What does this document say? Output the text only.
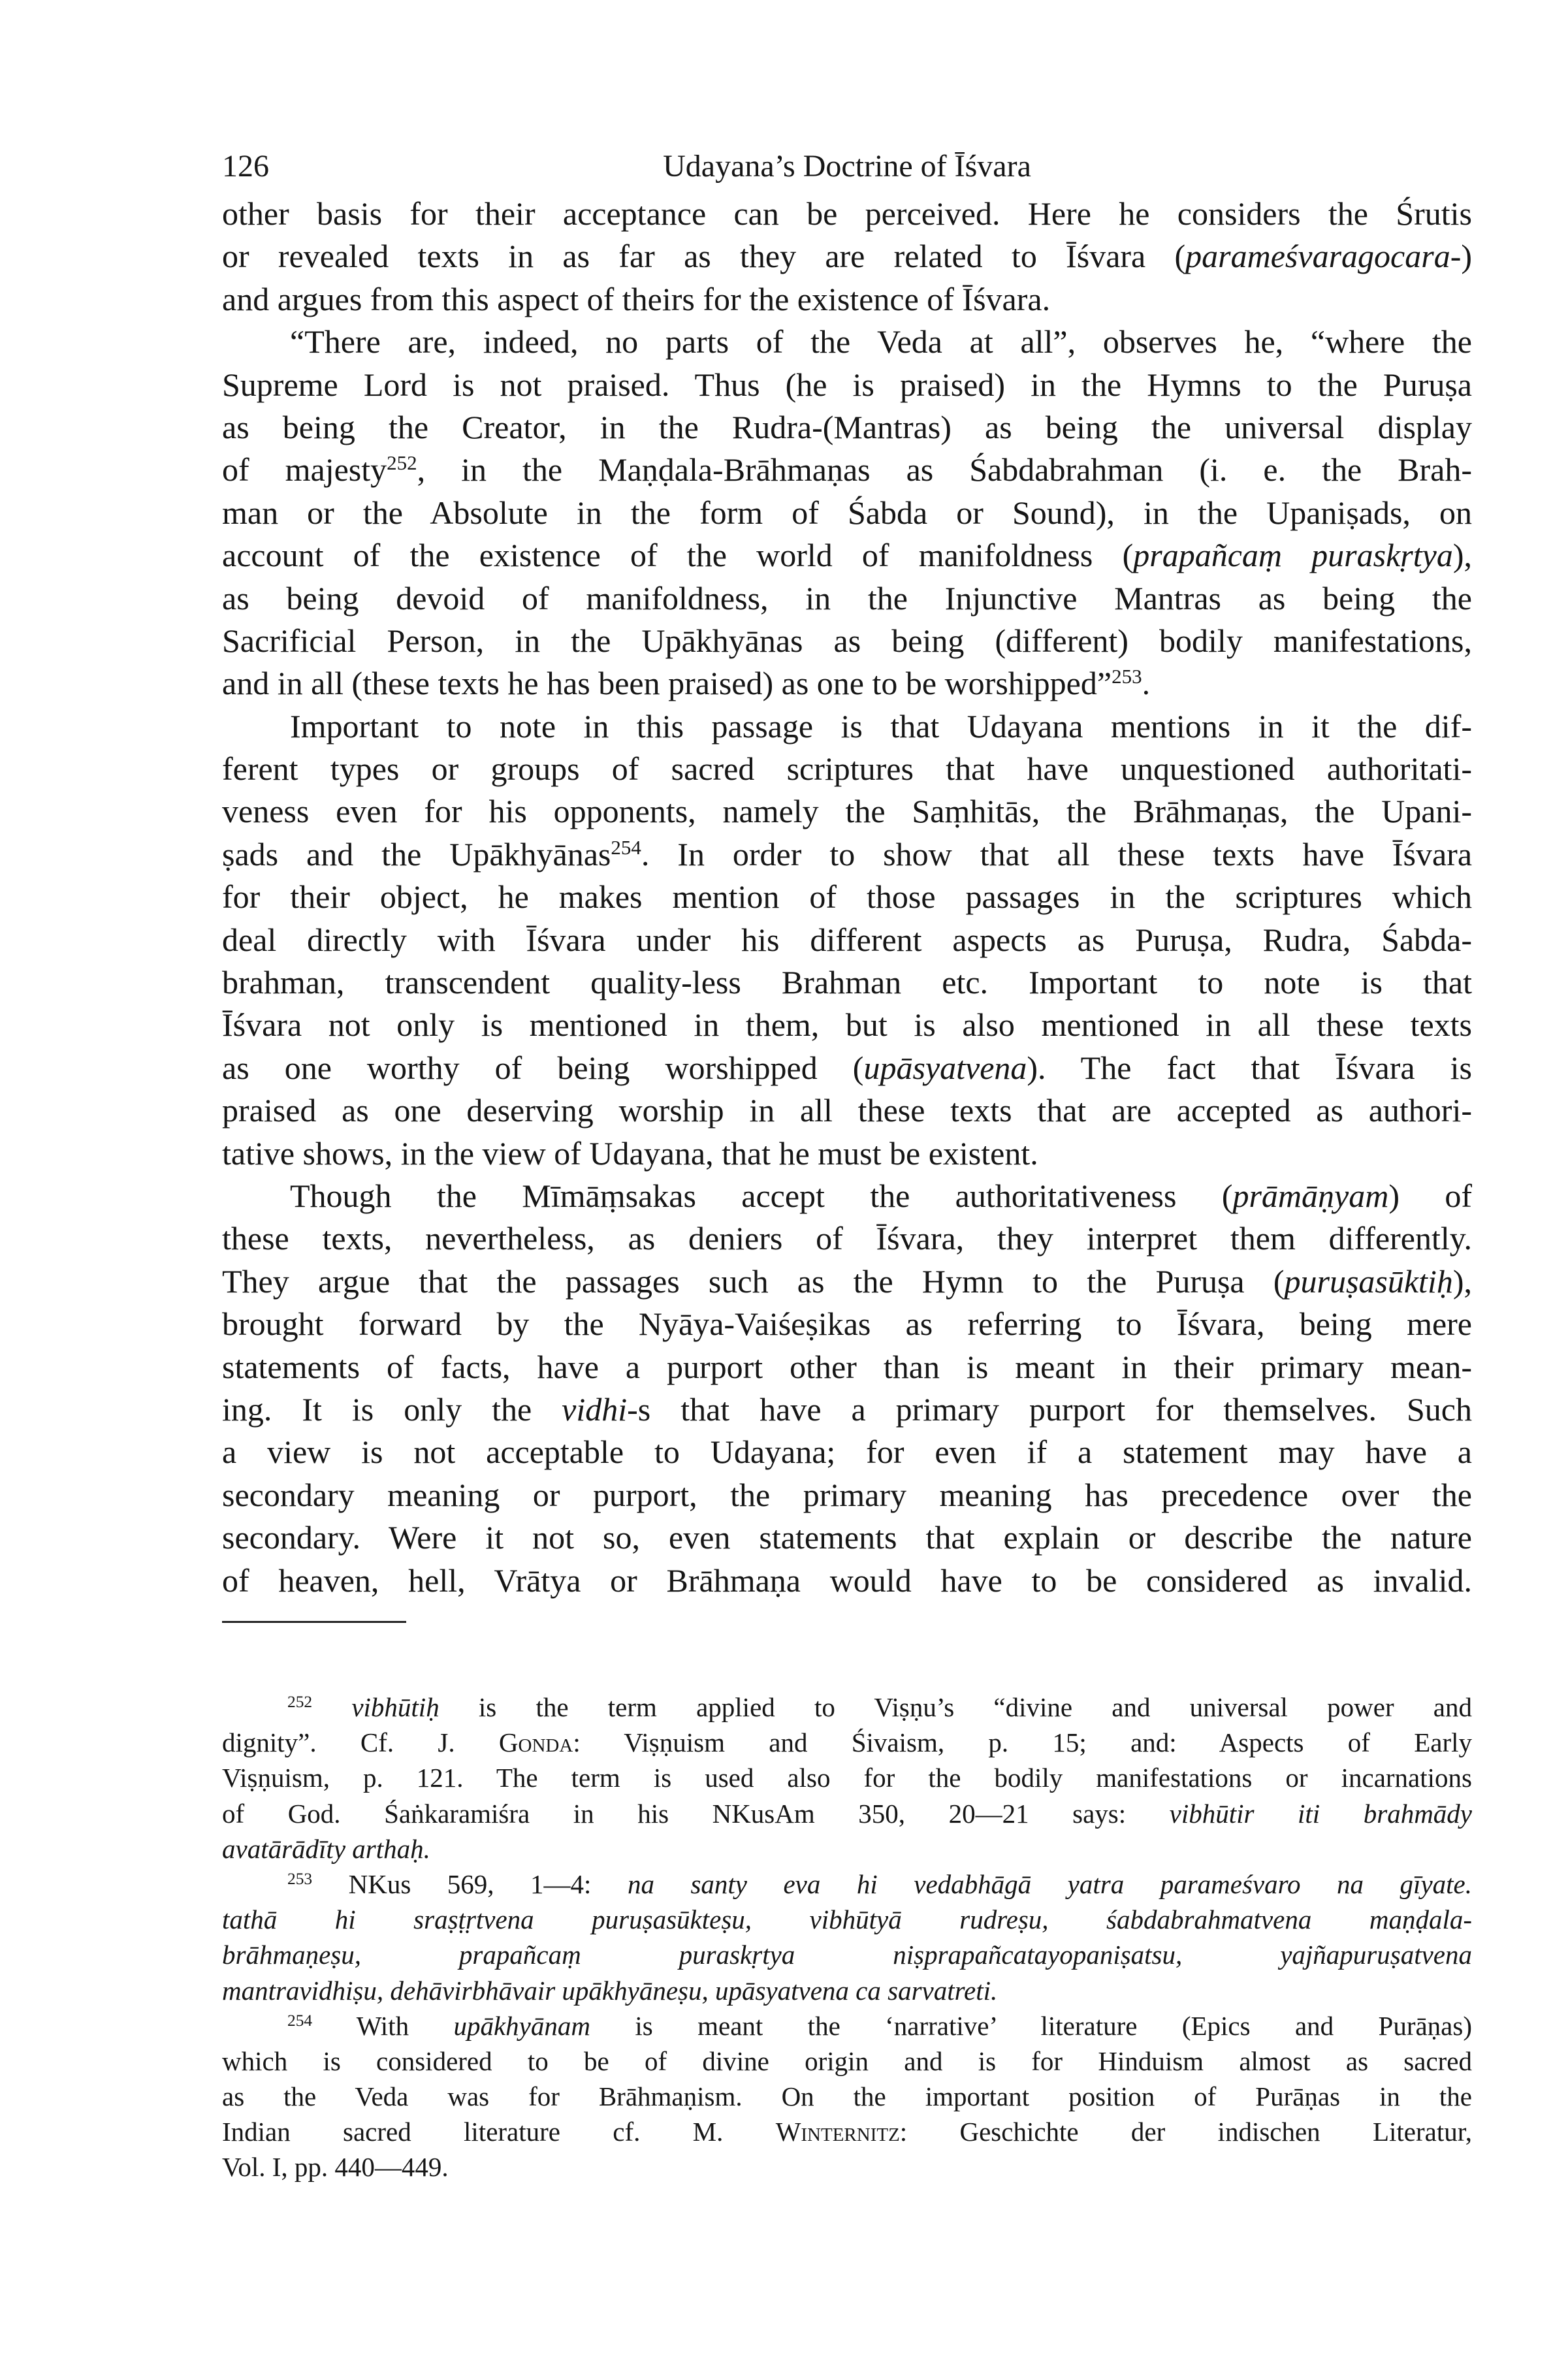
126	Udayana’s Doctrine of Īśvara
other basis for their acceptance can be perceived. Here he considers the Śrutis
or revealed texts in as far as they are related to Īśvara (parameśvaragocara-)
and argues from this aspect of theirs for the existence of Īśvara.
“There are, indeed, no parts of the Veda at all”, observes he, “where the
Supreme Lord is not praised. Thus (he is praised) in the Hymns to the Puruṣa
as being the Creator, in the Rudra-(Mantras) as being the universal display
of majesty$^{252}$, in the Maṇḍala-Brāhmaṇas as Śabdabrahman (i. e. the Brah-
man or the Absolute in the form of Śabda or Sound), in the Upaniṣads, on
account of the existence of the world of manifoldness (prapañcaṃ puraskṛtya),
as being devoid of manifoldness, in the Injunctive Mantras as being the
Sacrificial Person, in the Upākhyānas as being (different) bodily manifestations,
and in all (these texts he has been praised) as one to be worshipped”$^{253}$.
Important to note in this passage is that Udayana mentions in it the dif-
ferent types or groups of sacred scriptures that have unquestioned authoritati-
veness even for his opponents, namely the Saṃhitās, the Brāhmaṇas, the Upani-
ṣads and the Upākhyānas$^{254}$. In order to show that all these texts have Īśvara
for their object, he makes mention of those passages in the scriptures which
deal directly with Īśvara under his different aspects as Puruṣa, Rudra, Śabda-
brahman, transcendent quality-less Brahman etc. Important to note is that
Īśvara not only is mentioned in them, but is also mentioned in all these texts
as one worthy of being worshipped (upāsyatvena). The fact that Īśvara is
praised as one deserving worship in all these texts that are accepted as authori-
tative shows, in the view of Udayana, that he must be existent.
Though the Mīmāṃsakas accept the authoritativeness (prāmāṇyam) of
these texts, nevertheless, as deniers of Īśvara, they interpret them differently.
They argue that the passages such as the Hymn to the Puruṣa (puruṣasūktiḥ),
brought forward by the Nyāya-Vaiśeṣikas as referring to Īśvara, being mere
statements of facts, have a purport other than is meant in their primary mean-
ing. It is only the vidhi-s that have a primary purport for themselves. Such
a view is not acceptable to Udayana; for even if a statement may have a
secondary meaning or purport, the primary meaning has precedence over the
secondary. Were it not so, even statements that explain or describe the nature
of heaven, hell, Vrātya or Brāhmaṇa would have to be considered as invalid.
$^{252}$ vibhūtiḥ is the term applied to Viṣṇu’s “divine and universal power and
dignity”. Cf. J. Gonda: Viṣṇuism and Śivaism, p. 15; and: Aspects of Early
Viṣṇuism, p. 121. The term is used also for the bodily manifestations or incarnations
of God. Śaṅkaramiśra in his NKusAm 350, 20—21 says: vibhūtir iti brahmādy
avatārādīty arthaḥ.
$^{253}$ NKus 569, 1—4: na santy eva hi vedabhāgā yatra parameśvaro na gīyate.
tathā hi sraṣṭṛtvena puruṣasūkteṣu, vibhūtyā rudreṣu, śabdabrahmatvena maṇḍala-
brāhmaṇeṣu, prapañcaṃ puraskṛtya niṣprapañcatayopaniṣatsu, yajñapuruṣatvena
mantravidhiṣu, dehāvirbhāvair upākhyāneṣu, upāsyatvena ca sarvatreti.
$^{254}$ With upākhyānam is meant the ‘narrative’ literature (Epics and Purāṇas)
which is considered to be of divine origin and is for Hinduism almost as sacred
as the Veda was for Brāhmaṇism. On the important position of Purāṇas in the
Indian sacred literature cf. M. Winternitz: Geschichte der indischen Literatur,
Vol. I, pp. 440—449.
